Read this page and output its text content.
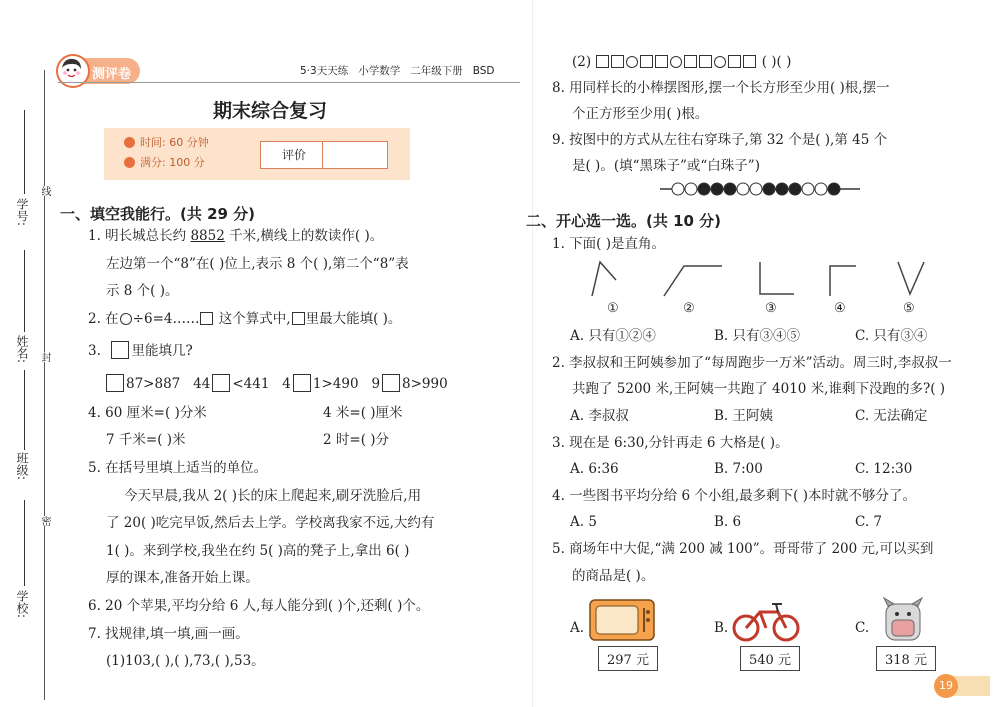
学号:
姓名:
班级:
学校:
线
封
密
测评卷	5·3天天练 小学数学 二年级下册 BSD
期末综合复习
时间: 60 分钟
满分: 100 分
评价
一、填空我能行。(共 29 分)
1. 明长城总长约 8852 千米,横线上的数读作( )。
左边第一个“8”在( )位上,表示 8 个( ),第二个“8”表
示 8 个( )。
2. 在 ÷6=4…… 这个算式中, 里最大能填( )。
3. 里能填几?
87>887 44 <441 4 1>490 9 8>990
4. 60 厘米=( )分米	4 米=( )厘米
7 千米=( )米	2 时=( )分
5. 在括号里填上适当的单位。
今天早晨,我从 2( )长的床上爬起来,刷牙洗脸后,用
了 20( )吃完早饭,然后去上学。学校离我家不远,大约有
1( )。来到学校,我坐在约 5( )高的凳子上,拿出 6( )
厚的课本,准备开始上课。
6. 20 个苹果,平均分给 6 人,每人能分到( )个,还剩( )个。
7. 找规律,填一填,画一画。
(1)103,( ),( ),73,( ),53。
(2)	( )( )
8. 用同样长的小棒摆图形,摆一个长方形至少用( )根,摆一
个正方形至少用( )根。
9. 按图中的方式从左往右穿珠子,第 32 个是( ),第 45 个
是( )。(填“黑珠子”或“白珠子”)
二、开心选一选。(共 10 分)
1. 下面( )是直角。
①	②	③	④	⑤
A. 只有①②④	B. 只有③④⑤	C. 只有③④
2. 李叔叔和王阿姨参加了“每周跑步一万米”活动。周三时,李叔叔一
共跑了 5200 米,王阿姨一共跑了 4010 米,谁剩下没跑的多?( )
A. 李叔叔	B. 王阿姨	C. 无法确定
3. 现在是 6:30,分针再走 6 大格是( )。
A. 6:36	B. 7:00	C. 12:30
4. 一些图书平均分给 6 个小组,最多剩下( )本时就不够分了。
A. 5	B. 6	C. 7
5. 商场年中大促,“满 200 减 100”。哥哥带了 200 元,可以买到
的商品是( )。
A.
297 元
B.
540 元
C.
318 元
19
